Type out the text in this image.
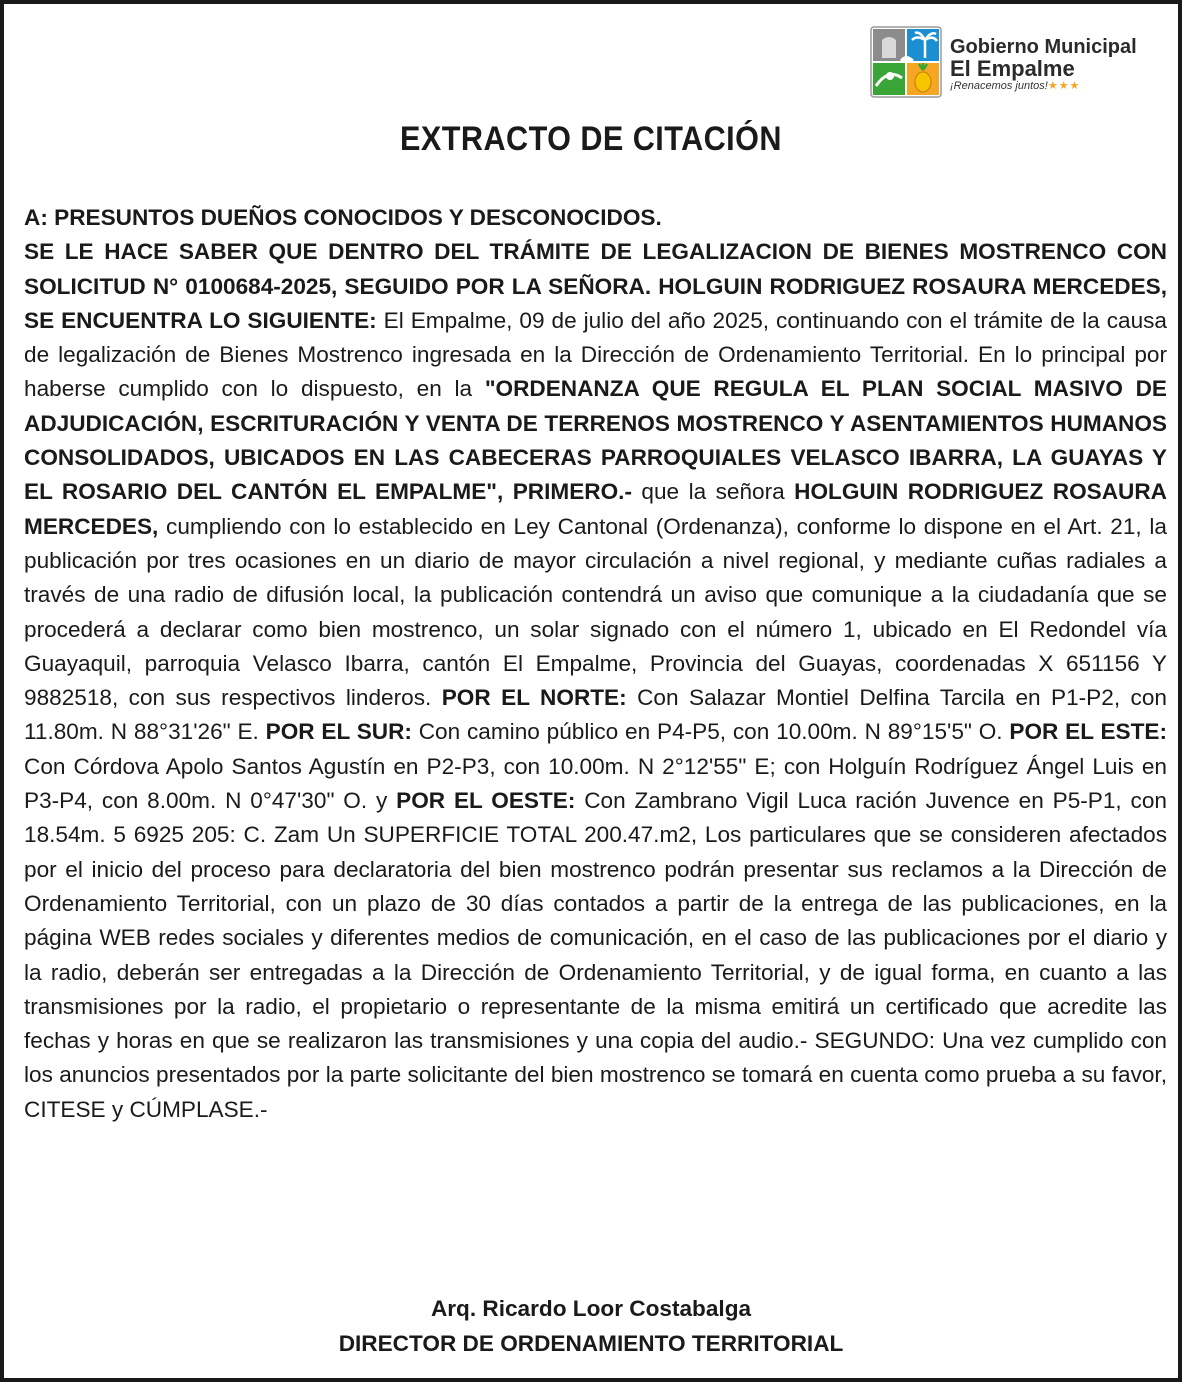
Gobierno Municipal
El Empalme
¡Renacemos juntos!★★★
EXTRACTO DE CITACIÓN

A: PRESUNTOS DUEÑOS CONOCIDOS Y DESCONOCIDOS.

SE LE HACE SABER QUE DENTRO DEL TRÁMITE DE LEGALIZACION DE BIENES MOSTRENCO CON SOLICITUD N° 0100684-2025, SEGUIDO POR LA SEÑORA. HOLGUIN RODRIGUEZ ROSAURA MERCEDES, SE ENCUENTRA LO SIGUIENTE: El Empalme, 09 de julio del año 2025, continuando con el trámite de la causa de legalización de Bienes Mostrenco ingresada en la Dirección de Ordenamiento Territorial. En lo principal por haberse cumplido con lo dispuesto, en la "ORDENANZA QUE REGULA EL PLAN SOCIAL MASIVO DE ADJUDICACIÓN, ESCRITURACIÓN Y VENTA DE TERRENOS MOSTRENCO Y ASENTAMIENTOS HUMANOS CONSOLIDADOS, UBICADOS EN LAS CABECERAS PARROQUIALES VELASCO IBARRA, LA GUAYAS Y EL ROSARIO DEL CANTÓN EL EMPALME", PRIMERO.- que la señora HOLGUIN RODRIGUEZ ROSAURA MERCEDES, cumpliendo con lo establecido en Ley Cantonal (Ordenanza), conforme lo dispone en el Art. 21, la publicación por tres ocasiones en un diario de mayor circulación a nivel regional, y mediante cuñas radiales a través de una radio de difusión local, la publicación contendrá un aviso que comunique a la ciudadanía que se procederá a declarar como bien mostrenco, un solar signado con el número 1, ubicado en El Redondel vía Guayaquil, parroquia Velasco Ibarra, cantón El Empalme, Provincia del Guayas, coordenadas X 651156 Y 9882518, con sus respectivos linderos. POR EL NORTE: Con Salazar Montiel Delfina Tarcila en P1-P2, con 11.80m. N 88°31'26" E. POR EL SUR: Con camino público en P4-P5, con 10.00m. N 89°15'5" O. POR EL ESTE: Con Córdova Apolo Santos Agustín en P2-P3, con 10.00m. N 2°12'55" E; con Holguín Rodríguez Ángel Luis en P3-P4, con 8.00m. N 0°47'30" O. y POR EL OESTE: Con Zambrano Vigil Luca ración Juvence en P5-P1, con 18.54m. 5 6925 205: C. Zam Un SUPERFICIE TOTAL 200.47.m2, Los particulares que se consideren afectados por el inicio del proceso para declaratoria del bien mostrenco podrán presentar sus reclamos a la Dirección de Ordenamiento Territorial, con un plazo de 30 días contados a partir de la entrega de las publicaciones, en la página WEB redes sociales y diferentes medios de comunicación, en el caso de las publicaciones por el diario y la radio, deberán ser entregadas a la Dirección de Ordenamiento Territorial, y de igual forma, en cuanto a las transmisiones por la radio, el propietario o representante de la misma emitirá un certificado que acredite las fechas y horas en que se realizaron las transmisiones y una copia del audio.- SEGUNDO: Una vez cumplido con los anuncios presentados por la parte solicitante del bien mostrenco se tomará en cuenta como prueba a su favor, CITESE y CÚMPLASE.-

Arq. Ricardo Loor Costabalga
DIRECTOR DE ORDENAMIENTO TERRITORIAL
